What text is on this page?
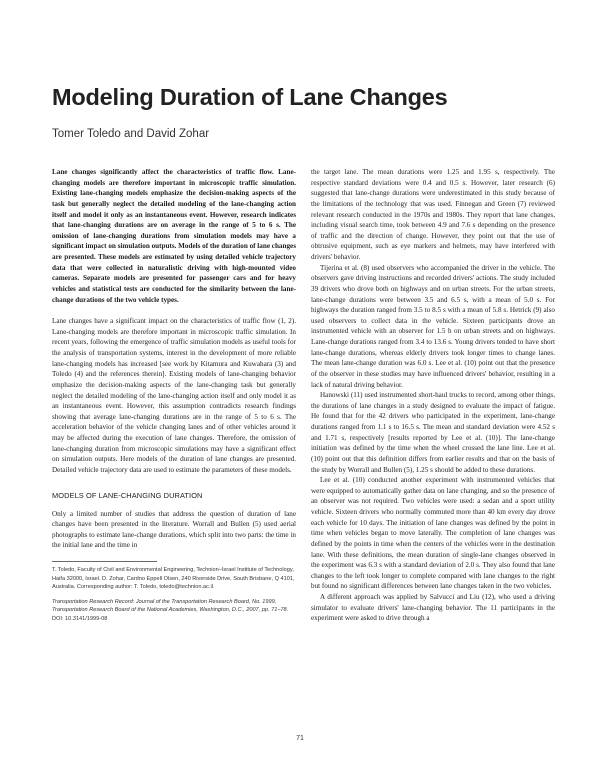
Modeling Duration of Lane Changes

Tomer Toledo and David Zohar

Lane changes significantly affect the characteristics of traffic flow. Lane-changing models are therefore important in microscopic traffic simulation. Existing lane-changing models emphasize the decision-making aspects of the task but generally neglect the detailed modeling of the lane-changing action itself and model it only as an instantaneous event. However, research indicates that lane-changing durations are on average in the range of 5 to 6 s. The omission of lane-changing durations from simulation models may have a significant impact on simulation outputs. Models of the duration of lane changes are presented. These models are estimated by using detailed vehicle trajectory data that were collected in naturalistic driving with high-mounted video cameras. Separate models are presented for passenger cars and for heavy vehicles and statistical tests are conducted for the similarity between the lane-change durations of the two vehicle types.

Lane changes have a significant impact on the characteristics of traffic flow (1, 2). Lane-changing models are therefore important in microscopic traffic simulation. In recent years, following the emergence of traffic simulation models as useful tools for the analysis of transportation systems, interest in the development of more reliable lane-changing models has increased [see work by Kitamura and Kuwahara (3) and Toledo (4) and the references therein]. Existing models of lane-changing behavior emphasize the decision-making aspects of the lane-changing task but generally neglect the detailed modeling of the lane-changing action itself and only model it as an instantaneous event. However, this assumption contradicts research findings showing that average lane-changing durations are in the range of 5 to 6 s. The acceleration behavior of the vehicle changing lanes and of other vehicles around it may be affected during the execution of lane changes. Therefore, the omission of lane-changing duration from microscopic simulations may have a significant effect on simulation outputs. Here models of the duration of lane changes are presented. Detailed vehicle trajectory data are used to estimate the parameters of these models.

MODELS OF LANE-CHANGING DURATION

Only a limited number of studies that address the question of duration of lane changes have been presented in the literature. Worrall and Bullen (5) used aerial photographs to estimate lane-change durations, which split into two parts: the time in the initial lane and the time in

T. Toledo, Faculty of Civil and Environmental Engineering, Technion–Israel Institute of Technology, Haifa 32000, Israel. D. Zohar, Cardno Eppell Olsen, 240 Riverside Drive, South Brisbane, Q 4101, Australia. Corresponding author: T. Toledo, toledo@technion.ac.il.

Transportation Research Record: Journal of the Transportation Research Board, No. 1999, Transportation Research Board of the National Academies, Washington, D.C., 2007, pp. 71–78.
DOI: 10.3141/1999-08

the target lane. The mean durations were 1.25 and 1.95 s, respectively. The respective standard deviations were 0.4 and 0.5 s. However, later research (6) suggested that lane-change durations were underestimated in this study because of the limitations of the technology that was used. Finnegan and Green (7) reviewed relevant research conducted in the 1970s and 1980s. They report that lane changes, including visual search time, took between 4.9 and 7.6 s depending on the presence of traffic and the direction of change. However, they point out that the use of obtrusive equipment, such as eye markers and helmets, may have interfered with drivers' behavior.

Tijerina et al. (8) used observers who accompanied the driver in the vehicle. The observers gave driving instructions and recorded drivers' actions. The study included 39 drivers who drove both on highways and on urban streets. For the urban streets, lane-change durations were between 3.5 and 6.5 s, with a mean of 5.0 s. For highways the duration ranged from 3.5 to 8.5 s with a mean of 5.8 s. Hetrick (9) also used observers to collect data in the vehicle. Sixteen participants drove an instrumented vehicle with an observer for 1.5 h on urban streets and on highways. Lane-change durations ranged from 3.4 to 13.6 s. Young drivers tended to have short lane-change durations, whereas elderly drivers took longer times to change lanes. The mean lane-change duration was 6.0 s. Lee et al. (10) point out that the presence of the observer in these studies may have influenced drivers' behavior, resulting in a lack of natural driving behavior.

Hanowski (11) used instrumented short-haul trucks to record, among other things, the durations of lane changes in a study designed to evaluate the impact of fatigue. He found that for the 42 drivers who participated in the experiment, lane-change durations ranged from 1.1 s to 16.5 s. The mean and standard deviation were 4.52 s and 1.71 s, respectively [results reported by Lee et al. (10)]. The lane-change initiation was defined by the time when the wheel crossed the lane line. Lee et al. (10) point out that this definition differs from earlier results and that on the basis of the study by Worrall and Bullen (5), 1.25 s should be added to these durations.

Lee et al. (10) conducted another experiment with instrumented vehicles that were equipped to automatically gather data on lane changing, and so the presence of an observer was not required. Two vehicles were used: a sedan and a sport utility vehicle. Sixteen drivers who normally commuted more than 40 km every day drove each vehicle for 10 days. The initiation of lane changes was defined by the point in time when vehicles began to move laterally. The completion of lane changes was defined by the points in time when the centers of the vehicles were in the destination lane. With these definitions, the mean duration of single-lane changes observed in the experiment was 6.3 s with a standard deviation of 2.0 s. They also found that lane changes to the left took longer to complete compared with lane changes to the right but found no significant differences between lane changes taken in the two vehicles.

A different approach was applied by Salvucci and Liu (12), who used a driving simulator to evaluate drivers' lane-changing behavior. The 11 participants in the experiment were asked to drive through a

71
